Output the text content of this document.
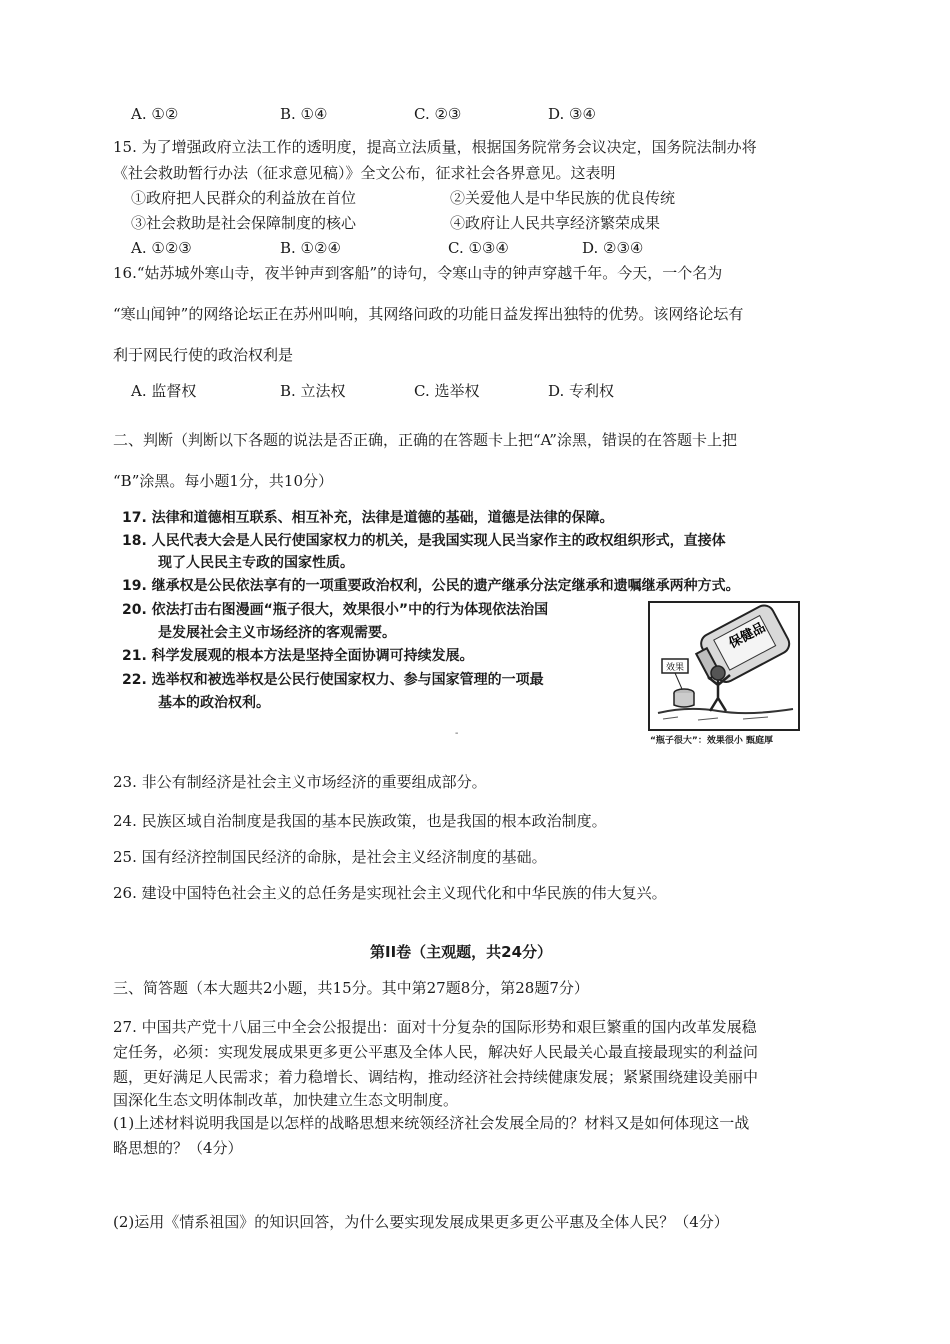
A. ①②	B. ①④	C. ②③	D. ③④
15. 为了增强政府立法工作的透明度，提高立法质量，根据国务院常务会议决定，国务院法制办将
《社会救助暂行办法（征求意见稿）》全文公布，征求社会各界意见。这表明
①政府把人民群众的利益放在首位	②关爱他人是中华民族的优良传统
③社会救助是社会保障制度的核心	④政府让人民共享经济繁荣成果
A. ①②③	B. ①②④	C. ①③④	D. ②③④
16.“姑苏城外寒山寺，夜半钟声到客船”的诗句，令寒山寺的钟声穿越千年。今天，一个名为
“寒山闻钟”的网络论坛正在苏州叫响，其网络问政的功能日益发挥出独特的优势。该网络论坛有
利于网民行使的政治权利是
A. 监督权	B. 立法权	C. 选举权	D. 专利权
二、判断（判断以下各题的说法是否正确，正确的在答题卡上把“A”涂黑，错误的在答题卡上把
“B”涂黑。每小题1分，共10分）
17. 法律和道德相互联系、相互补充，法律是道德的基础，道德是法律的保障。
18. 人民代表大会是人民行使国家权力的机关，是我国实现人民当家作主的政权组织形式，直接体
现了人民民主专政的国家性质。
19. 继承权是公民依法享有的一项重要政治权利，公民的遗产继承分法定继承和遗嘱继承两种方式。
20. 依法打击右图漫画“瓶子很大，效果很小”中的行为体现依法治国
是发展社会主义市场经济的客观需要。
21. 科学发展观的根本方法是坚持全面协调可持续发展。
22. 选举权和被选举权是公民行使国家权力、参与国家管理的一项最
基本的政治权利。
保健品
效果
“瓶子很大”：效果很小 甄庭厚
-
23. 非公有制经济是社会主义市场经济的重要组成部分。
24. 民族区域自治制度是我国的基本民族政策，也是我国的根本政治制度。
25. 国有经济控制国民经济的命脉，是社会主义经济制度的基础。
26. 建设中国特色社会主义的总任务是实现社会主义现代化和中华民族的伟大复兴。
第II卷（主观题，共24分）
三、简答题（本大题共2小题，共15分。其中第27题8分，第28题7分）
27. 中国共产党十八届三中全会公报提出：面对十分复杂的国际形势和艰巨繁重的国内改革发展稳
定任务，必须：实现发展成果更多更公平惠及全体人民，解决好人民最关心最直接最现实的利益问
题，更好满足人民需求；着力稳增长、调结构，推动经济社会持续健康发展；紧紧围绕建设美丽中
国深化生态文明体制改革，加快建立生态文明制度。
(1)上述材料说明我国是以怎样的战略思想来统领经济社会发展全局的？材料又是如何体现这一战
略思想的？（4分）
(2)运用《情系祖国》的知识回答，为什么要实现发展成果更多更公平惠及全体人民？（4分）
